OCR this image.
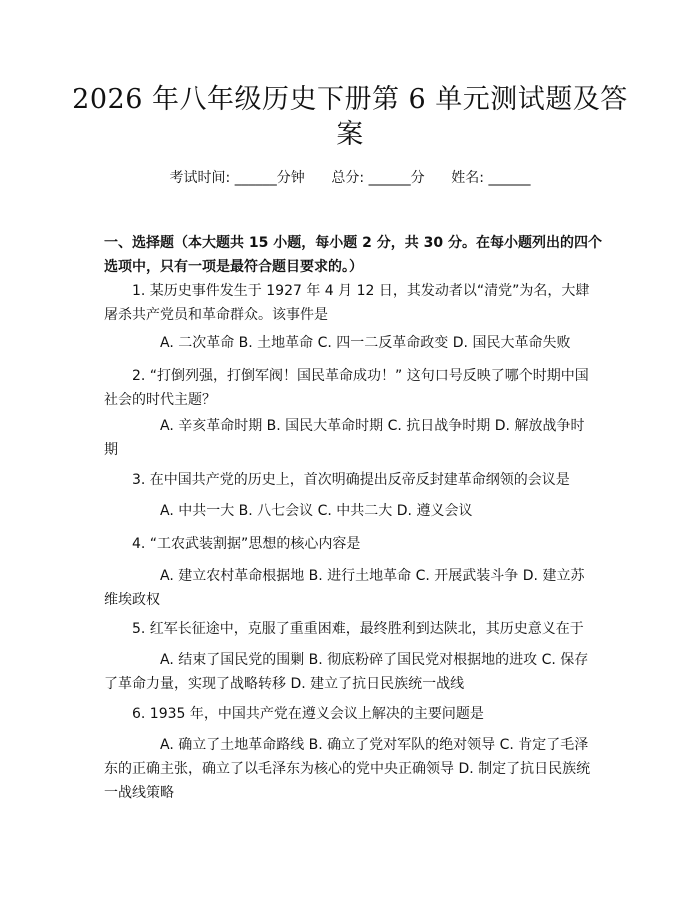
2026 年八年级历史下册第 6 单元测试题及答
案
考试时间: ______分钟      总分: ______分      姓名: ______
一、选择题（本大题共 15 小题，每小题 2 分，共 30 分。在每小题列出的四个选项中，只有一项是最符合题目要求的。）
1. 某历史事件发生于 1927 年 4 月 12 日，其发动者以“清党”为名，大肆屠杀共产党员和革命群众。该事件是
A. 二次革命 B. 土地革命 C. 四一二反革命政变 D. 国民大革命失败
2. “打倒列强，打倒军阀！国民革命成功！” 这句口号反映了哪个时期中国社会的时代主题？
A. 辛亥革命时期 B. 国民大革命时期 C. 抗日战争时期 D. 解放战争时期
3. 在中国共产党的历史上，首次明确提出反帝反封建革命纲领的会议是
A. 中共一大 B. 八七会议 C. 中共二大 D. 遵义会议
4. “工农武装割据”思想的核心内容是
A. 建立农村革命根据地 B. 进行土地革命 C. 开展武装斗争 D. 建立苏维埃政权
5. 红军长征途中，克服了重重困难，最终胜利到达陕北，其历史意义在于
A. 结束了国民党的围剿 B. 彻底粉碎了国民党对根据地的进攻 C. 保存了革命力量，实现了战略转移 D. 建立了抗日民族统一战线
6. 1935 年，中国共产党在遵义会议上解决的主要问题是
A. 确立了土地革命路线 B. 确立了党对军队的绝对领导 C. 肯定了毛泽东的正确主张，确立了以毛泽东为核心的党中央正确领导 D. 制定了抗日民族统一战线策略
